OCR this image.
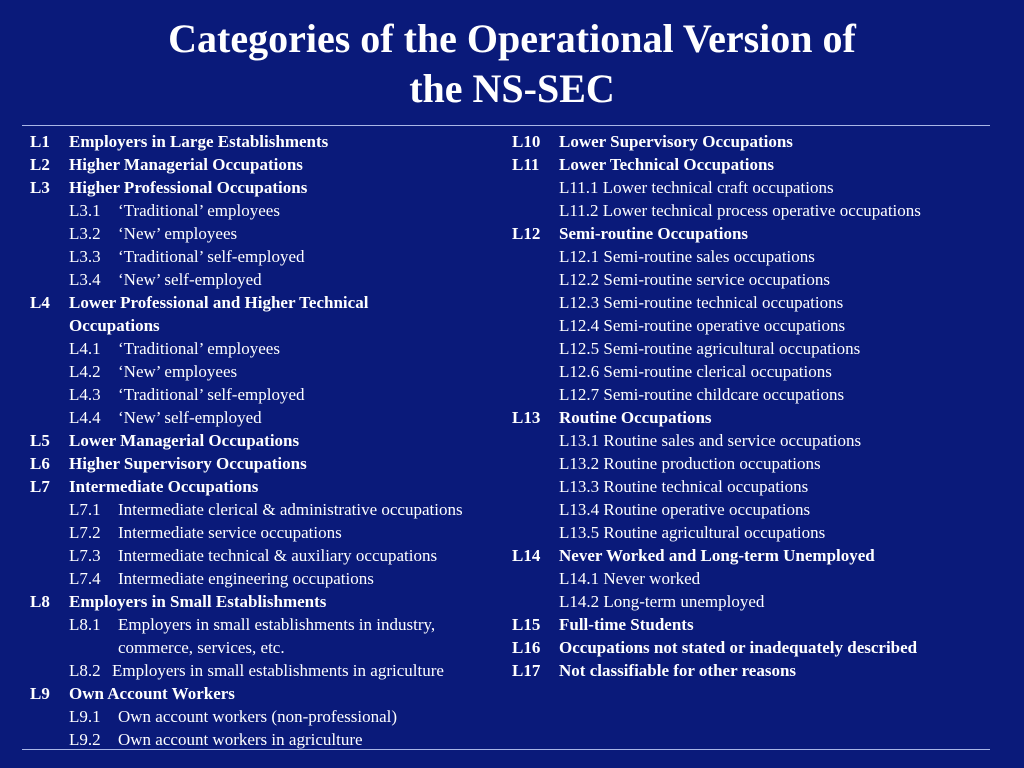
Categories of the Operational Version of
the NS-SEC
L1 Employers in Large Establishments
L2 Higher Managerial Occupations
L3 Higher Professional Occupations
L3.1 ‘Traditional’ employees
L3.2 ‘New’ employees
L3.3 ‘Traditional’ self-employed
L3.4 ‘New’ self-employed
L4 Lower Professional and Higher Technical
Occupations
L4.1 ‘Traditional’ employees
L4.2 ‘New’ employees
L4.3 ‘Traditional’ self-employed
L4.4 ‘New’ self-employed
L5 Lower Managerial Occupations
L6 Higher Supervisory Occupations
L7 Intermediate Occupations
L7.1 Intermediate clerical & administrative occupations
L7.2 Intermediate service occupations
L7.3 Intermediate technical & auxiliary occupations
L7.4 Intermediate engineering occupations
L8 Employers in Small Establishments
L8.1 Employers in small establishments in industry,
commerce, services, etc.
L8.2 Employers in small establishments in agriculture
L9 Own Account Workers
L9.1 Own account workers (non-professional)
L9.2 Own account workers in agriculture
L10 Lower Supervisory Occupations
L11 Lower Technical Occupations
L11.1 Lower technical craft occupations
L11.2 Lower technical process operative occupations
L12 Semi-routine Occupations
L12.1 Semi-routine sales occupations
L12.2 Semi-routine service occupations
L12.3 Semi-routine technical occupations
L12.4 Semi-routine operative occupations
L12.5 Semi-routine agricultural occupations
L12.6 Semi-routine clerical occupations
L12.7 Semi-routine childcare occupations
L13 Routine Occupations
L13.1 Routine sales and service occupations
L13.2 Routine production occupations
L13.3 Routine technical occupations
L13.4 Routine operative occupations
L13.5 Routine agricultural occupations
L14 Never Worked and Long-term Unemployed
L14.1 Never worked
L14.2 Long-term unemployed
L15 Full-time Students
L16 Occupations not stated or inadequately described
L17 Not classifiable for other reasons
